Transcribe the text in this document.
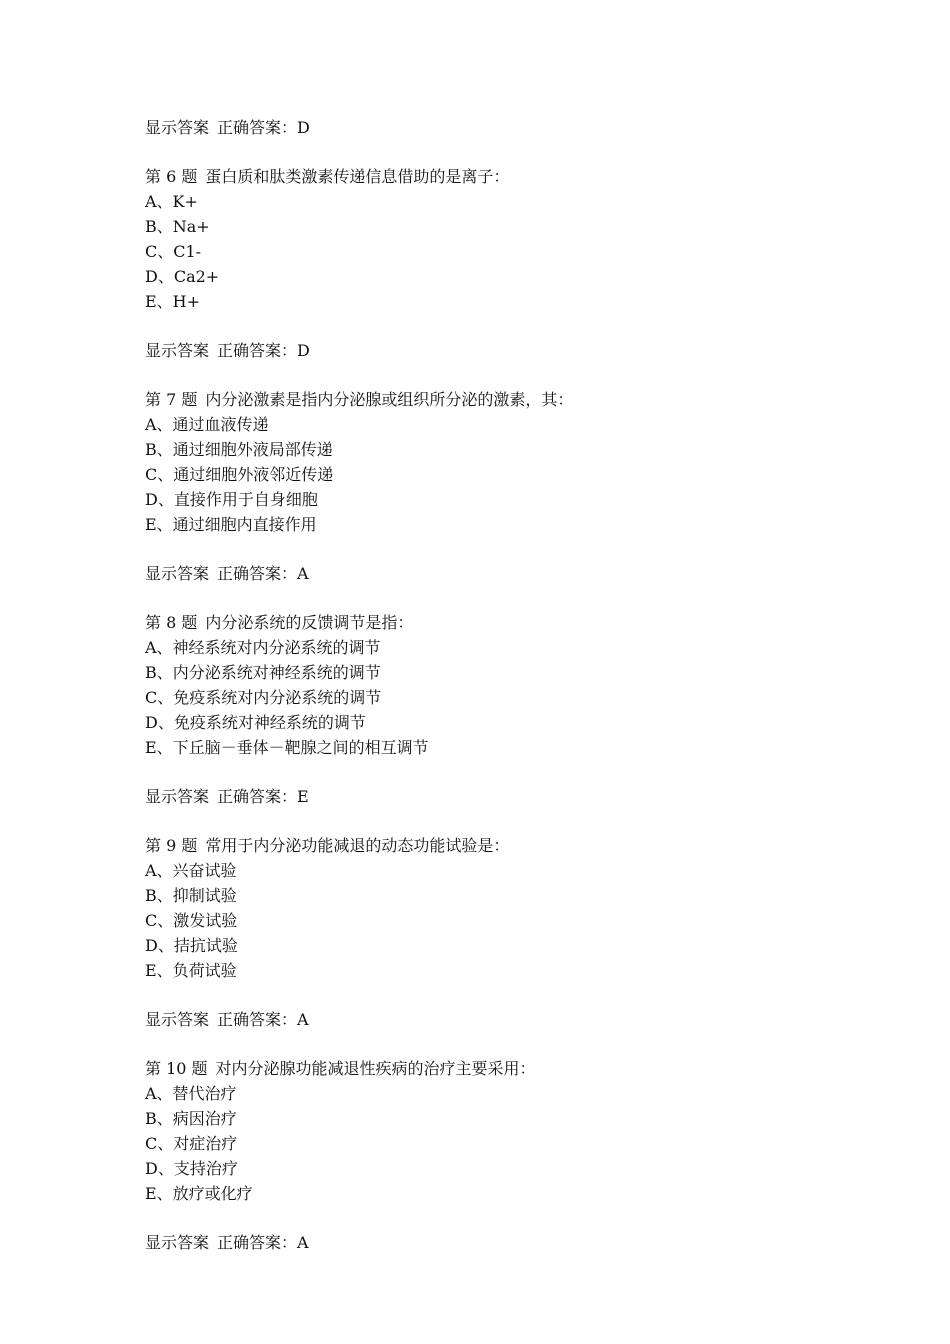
显示答案 正确答案：D
第 6 题 蛋白质和肽类激素传递信息借助的是离子：
A、K+
B、Na+
C、C1-
D、Ca2+
E、H+
显示答案 正确答案：D
第 7 题 内分泌激素是指内分泌腺或组织所分泌的激素，其：
A、通过血液传递
B、通过细胞外液局部传递
C、通过细胞外液邻近传递
D、直接作用于自身细胞
E、通过细胞内直接作用
显示答案 正确答案：A
第 8 题 内分泌系统的反馈调节是指：
A、神经系统对内分泌系统的调节
B、内分泌系统对神经系统的调节
C、免疫系统对内分泌系统的调节
D、免疫系统对神经系统的调节
E、下丘脑－垂体－靶腺之间的相互调节
显示答案 正确答案：E
第 9 题 常用于内分泌功能减退的动态功能试验是：
A、兴奋试验
B、抑制试验
C、激发试验
D、拮抗试验
E、负荷试验
显示答案 正确答案：A
第 10 题 对内分泌腺功能减退性疾病的治疗主要采用：
A、替代治疗
B、病因治疗
C、对症治疗
D、支持治疗
E、放疗或化疗
显示答案 正确答案：A
